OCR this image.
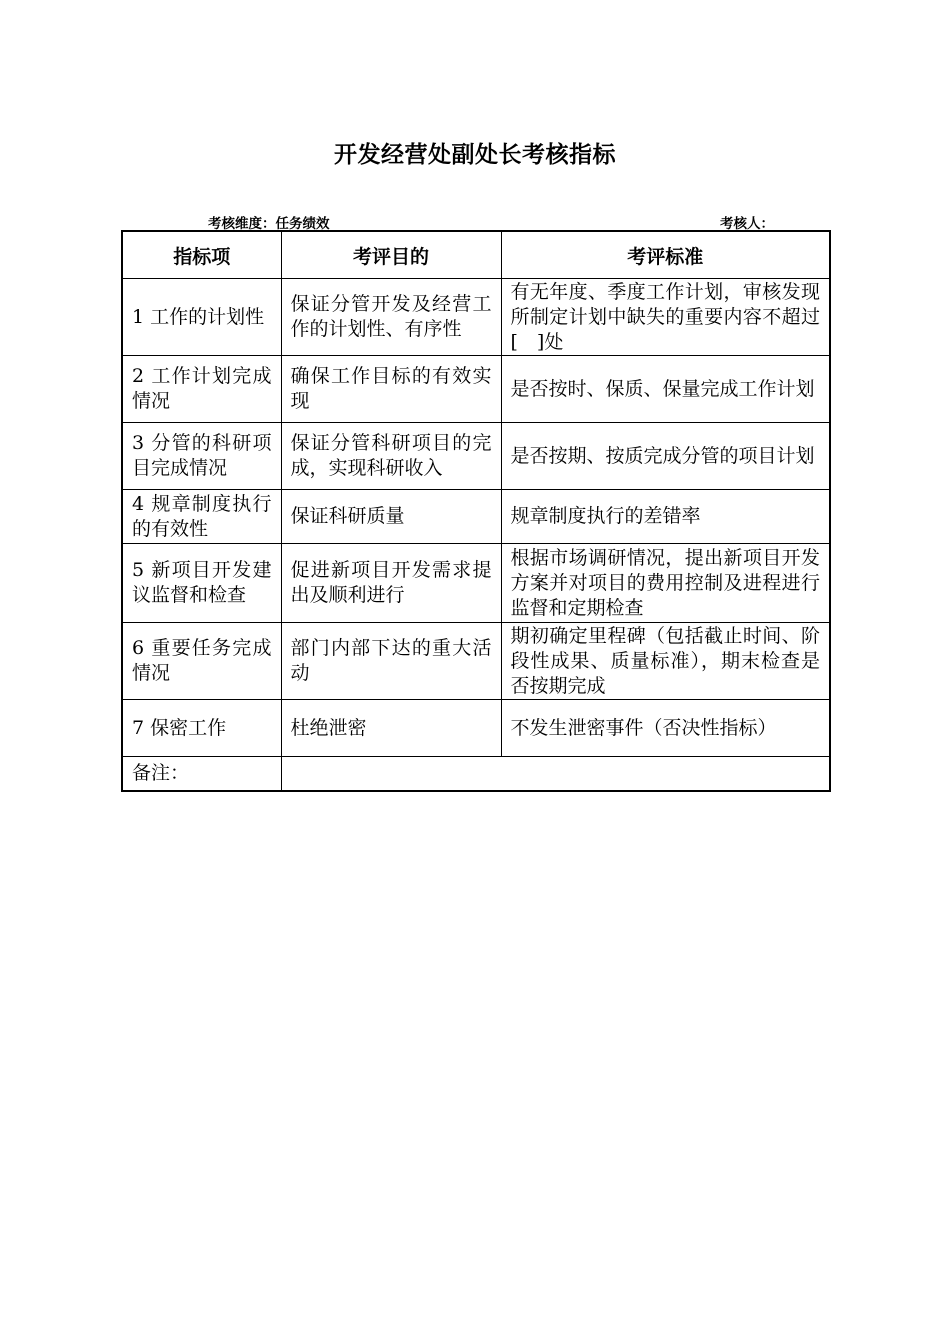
开发经营处副处长考核指标
考核维度：任务绩效	考核人：
指标项	考评目的	考评标准
1 工作的计划性	保证分管开发及经营工作的计划性、有序性	有无年度、季度工作计划，审核发现所制定计划中缺失的重要内容不超过[　]处
2 工作计划完成情况	确保工作目标的有效实现	是否按时、保质、保量完成工作计划
3 分管的科研项目完成情况	保证分管科研项目的完成，实现科研收入	是否按期、按质完成分管的项目计划
4 规章制度执行的有效性	保证科研质量	规章制度执行的差错率
5 新项目开发建议监督和检查	促进新项目开发需求提出及顺利进行	根据市场调研情况，提出新项目开发方案并对项目的费用控制及进程进行监督和定期检查
6 重要任务完成情况	部门内部下达的重大活动	期初确定里程碑（包括截止时间、阶段性成果、质量标准），期末检查是否按期完成
7 保密工作	杜绝泄密	不发生泄密事件（否决性指标）
备注：		
